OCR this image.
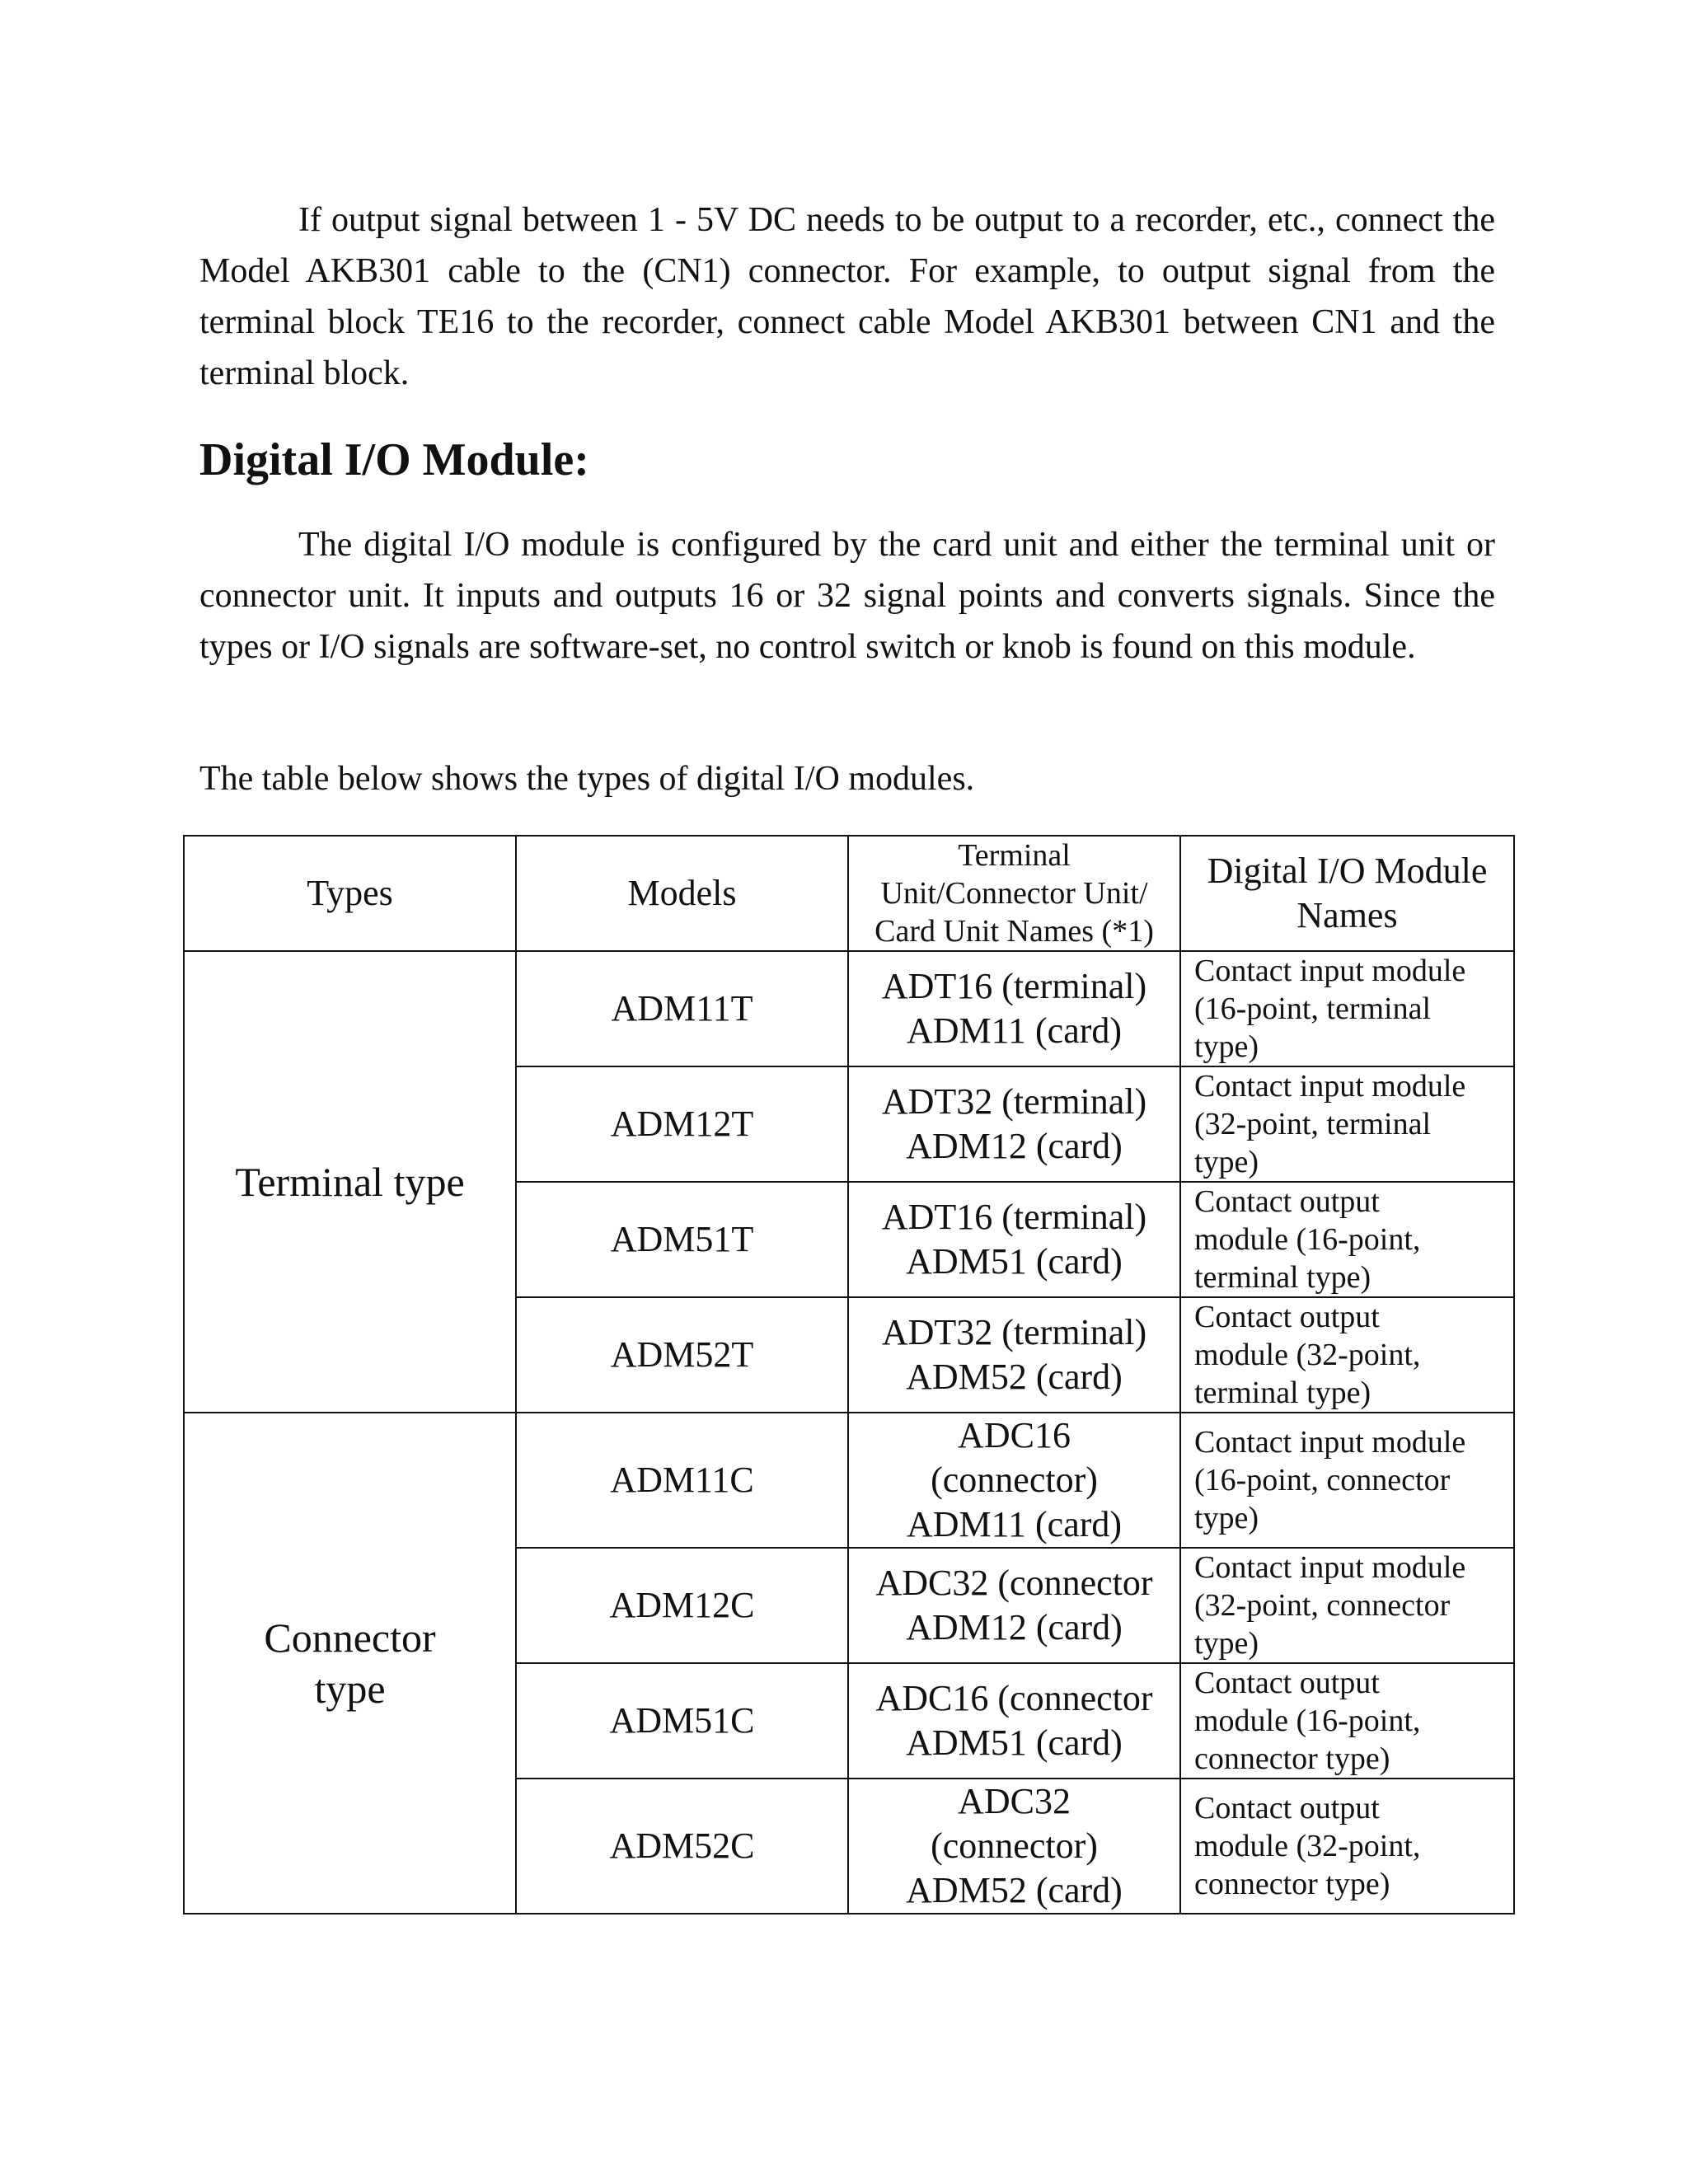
If output signal between 1 - 5V DC needs to be output to a recorder, etc., connect the Model AKB301 cable to the (CN1) connector. For example, to output signal from the terminal block TE16 to the recorder, connect cable Model AKB301 between CN1 and the terminal block.

Digital I/O Module:

The digital I/O module is configured by the card unit and either the terminal unit or connector unit. It inputs and outputs 16 or 32 signal points and converts signals. Since the types or I/O signals are software-set, no control switch or knob is found on this module.

The table below shows the types of digital I/O modules.

Types	Models	Terminal
Unit/Connector Unit/
Card Unit Names (*1)	Digital I/O Module
Names

Terminal type	ADM11T	ADT16 (terminal)
ADM11 (card)	Contact input module
(16-point, terminal
type)

	ADM12T	ADT32 (terminal)
ADM12 (card)	Contact input module
(32-point, terminal
type)

	ADM51T	ADT16 (terminal)
ADM51 (card)	Contact output
module (16-point,
terminal type)

	ADM52T	ADT32 (terminal)
ADM52 (card)	Contact output
module (32-point,
terminal type)

Connector
type	ADM11C	ADC16
(connector)
ADM11 (card)	Contact input module
(16-point, connector
type)

	ADM12C	ADC32 (connector
ADM12 (card)	Contact input module
(32-point, connector
type)

	ADM51C	ADC16 (connector
ADM51 (card)	Contact output
module (16-point,
connector type)

	ADM52C	ADC32
(connector)
ADM52 (card)	Contact output
module (32-point,
connector type)
